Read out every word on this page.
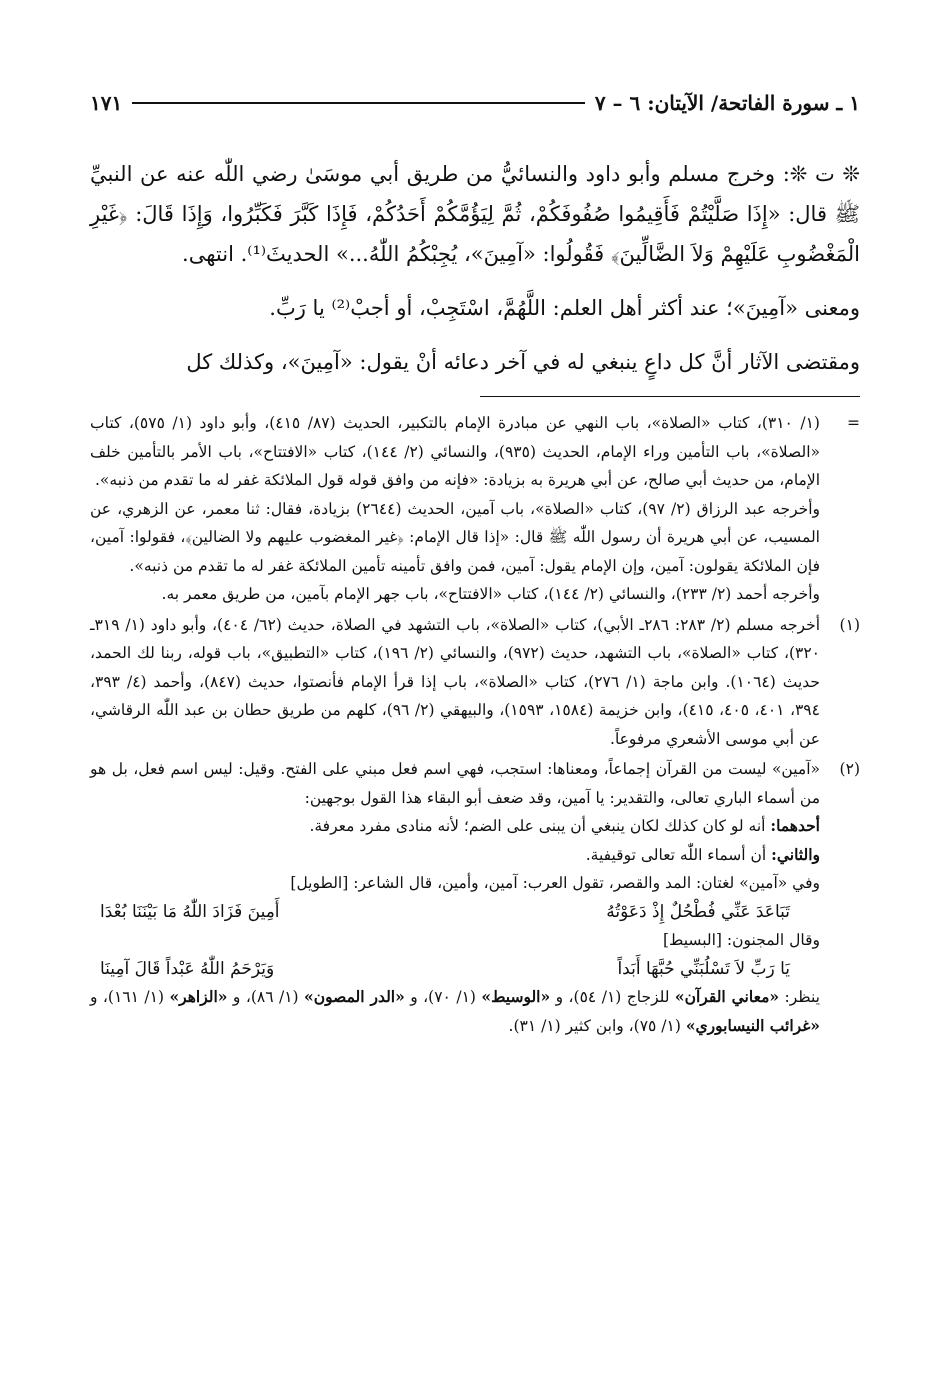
١ ـ سورة الفاتحة/ الآيتان: ٦ – ٧
١٧١

❊ ت ❊: وخرج مسلم وأبو داود والنسائيُّ من طريق أبي موسَىٰ رضي اللّٰه عنه عن النبيِّ ﷺ قال: «إِذَا صَلَّيْتُمْ فَأَقِيمُوا صُفُوفَكُمْ، ثُمَّ لِيَؤُمَّكُمْ أَحَدُكُمْ، فَإِذَا كَبَّرَ فَكَبِّرُوا، وَإِذَا قَالَ: ﴿غَيْرِ الْمَغْضُوبِ عَلَيْهِمْ وَلاَ الضَّالِّينَ﴾ فَقُولُوا: «آمِينَ»، يُجِبْكُمُ اللّٰهُ...» الحديثَ⁽¹⁾. انتهى.

ومعنى «آمِينَ»؛ عند أكثر أهل العلم: اللَّهُمَّ، اسْتَجِبْ، أو أجبْ⁽²⁾ يا رَبِّ.

ومقتضى الآثار أنَّ كل داعٍ ينبغي له في آخر دعائه أنْ يقول: «آمِينَ»، وكذلك كل

=

(١/ ٣١٠)، كتاب «الصلاة»، باب النهي عن مبادرة الإمام بالتكبير، الحديث (٨٧/ ٤١٥)، وأبو داود (١/ ٥٧٥)، كتاب «الصلاة»، باب التأمين وراء الإمام، الحديث (٩٣٥)، والنسائي (٢/ ١٤٤)، كتاب «الافتتاح»، باب الأمر بالتأمين خلف الإمام، من حديث أبي صالح، عن أبي هريرة به بزيادة: «فإنه من وافق قوله قول الملائكة غفر له ما تقدم من ذنبه».

وأخرجه عبد الرزاق (٢/ ٩٧)، كتاب «الصلاة»، باب آمين، الحديث (٢٦٤٤) بزيادة، فقال: ثنا معمر، عن الزهري، عن المسيب، عن أبي هريرة أن رسول اللّٰه ﷺ قال: «إذا قال الإمام: ﴿غير المغضوب عليهم ولا الضالين﴾، فقولوا: آمين، فإن الملائكة يقولون: آمين، وإن الإمام يقول: آمين، فمن وافق تأمينه تأمين الملائكة غفر له ما تقدم من ذنبه».

وأخرجه أحمد (٢/ ٢٣٣)، والنسائي (٢/ ١٤٤)، كتاب «الافتتاح»، باب جهر الإمام بآمين، من طريق معمر به.

(١)

أخرجه مسلم (٢/ ٢٨٣: ٢٨٦ـ الأبي)، كتاب «الصلاة»، باب التشهد في الصلاة، حديث (٦٢/ ٤٠٤)، وأبو داود (١/ ٣١٩ـ ٣٢٠)، كتاب «الصلاة»، باب التشهد، حديث (٩٧٢)، والنسائي (٢/ ١٩٦)، كتاب «التطبيق»، باب قوله، ربنا لك الحمد، حديث (١٠٦٤). وابن ماجة (١/ ٢٧٦)، كتاب «الصلاة»، باب إذا قرأ الإمام فأنصتوا، حديث (٨٤٧)، وأحمد (٤/ ٣٩٣، ٣٩٤، ٤٠١، ٤٠٥، ٤١٥)، وابن خزيمة (١٥٨٤، ١٥٩٣)، والبيهقي (٢/ ٩٦)، كلهم من طريق حطان بن عبد اللّٰه الرقاشي، عن أبي موسى الأشعري مرفوعاً.

(٢)

«آمين» ليست من القرآن إجماعاً، ومعناها: استجب، فهي اسم فعل مبني على الفتح. وقيل: ليس اسم فعل، بل هو من أسماء الباري تعالى، والتقدير: يا آمين، وقد ضعف أبو البقاء هذا القول بوجهين:

أحدهما: أنه لو كان كذلك لكان ينبغي أن يبنى على الضم؛ لأنه منادى مفرد معرفة.

والثاني: أن أسماء اللّٰه تعالى توقيفية.

وفي «آمين» لغتان: المد والقصر، تقول العرب: آمين، وأمين، قال الشاعر: [الطويل]

تَبَاعَدَ عَنِّي فُطْحُلٌ إِذْ دَعَوْتُهُ
أَمِينَ فَزَادَ اللّٰهُ مَا بَيْنَنَا بُعْدَا

وقال المجنون: [البسيط]

يَا رَبِّ لاَ تَسْلُبَنِّي حُبَّهَا أَبَداً
وَيَرْحَمُ اللّٰهُ عَبْداً قَالَ آمِينَا

ينظر: «معاني القرآن» للزجاج (١/ ٥٤)، و «الوسيط» (١/ ٧٠)، و «الدر المصون» (١/ ٨٦)، و «الزاهر» (١/ ١٦١)، و «غرائب النيسابوري» (١/ ٧٥)، وابن كثير (١/ ٣١).
